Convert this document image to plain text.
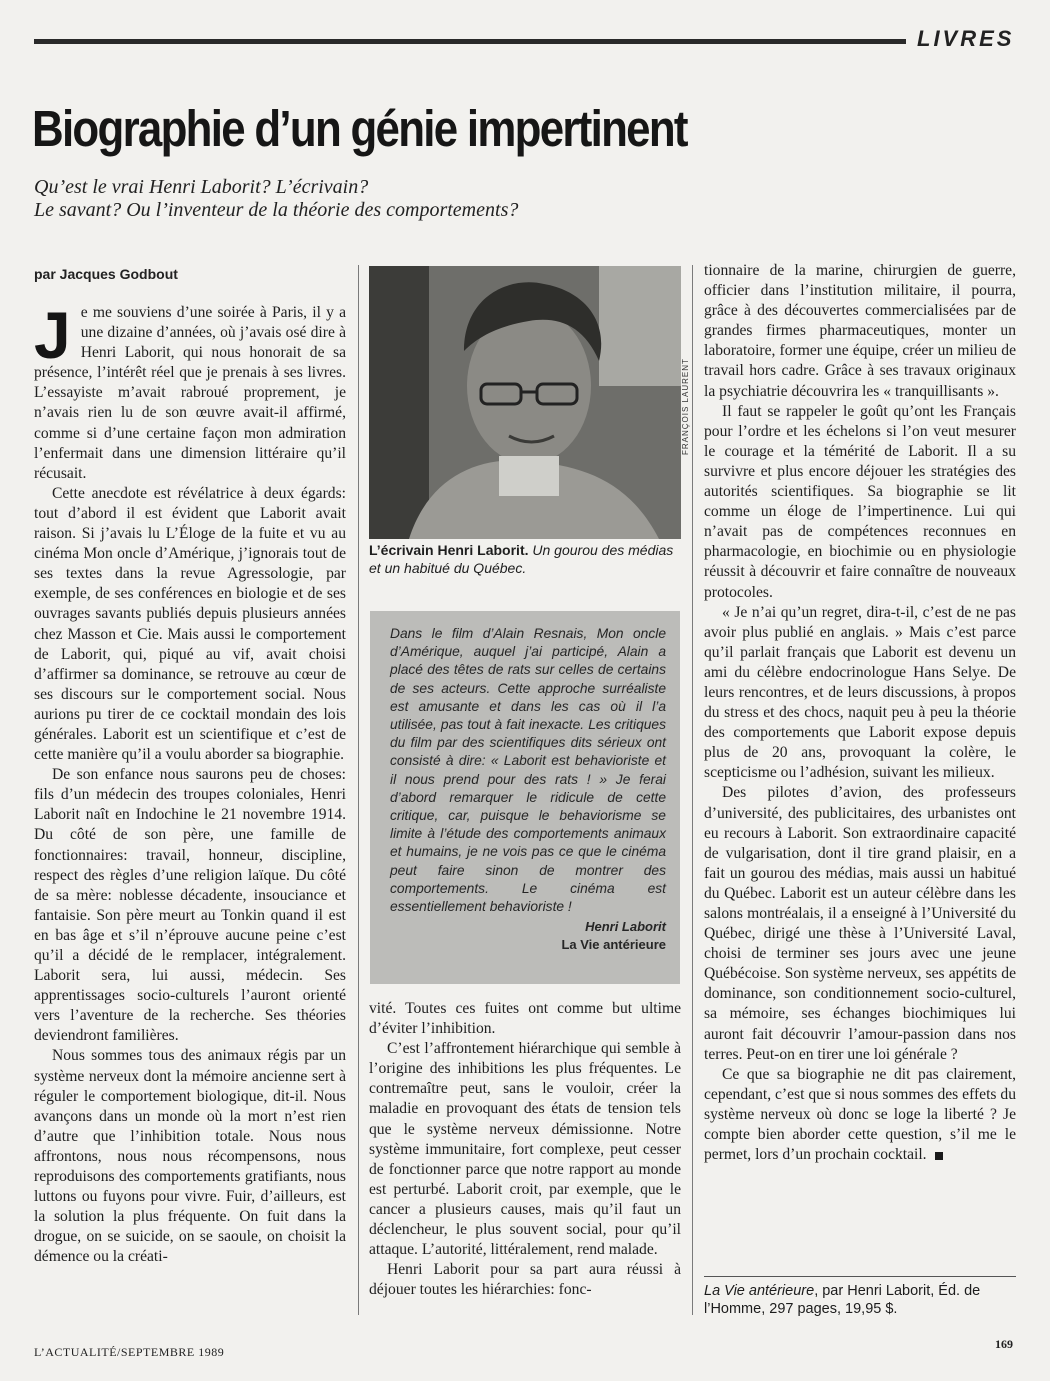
LIVRES
Biographie d’un génie impertinent
Qu’est le vrai Henri Laborit? L’écrivain?
Le savant? Ou l’inventeur de la théorie des comportements?
par Jacques Godbout

Je me souviens d’une soirée à Paris, il y a une dizaine d’années, où j’avais osé dire à Henri Laborit, qui nous honorait de sa présence, l’intérêt réel que je prenais à ses livres. L’essayiste m’avait rabroué proprement, je n’avais rien lu de son œuvre avait-il affirmé, comme si d’une certaine façon mon admiration l’enfermait dans une dimension littéraire qu’il récusait.

Cette anecdote est révélatrice à deux égards: tout d’abord il est évident que Laborit avait raison. Si j’avais lu L’Éloge de la fuite et vu au cinéma Mon oncle d’Amérique, j’ignorais tout de ses textes dans la revue Agressologie, par exemple, de ses conférences en biologie et de ses ouvrages savants publiés depuis plusieurs années chez Masson et Cie. Mais aussi le comportement de Laborit, qui, piqué au vif, avait choisi d’affirmer sa dominance, se retrouve au cœur de ses discours sur le comportement social. Nous aurions pu tirer de ce cocktail mondain des lois générales. Laborit est un scientifique et c’est de cette manière qu’il a voulu aborder sa biographie.

De son enfance nous saurons peu de choses: fils d’un médecin des troupes coloniales, Henri Laborit naît en Indochine le 21 novembre 1914. Du côté de son père, une famille de fonctionnaires: travail, honneur, discipline, respect des règles d’une religion laïque. Du côté de sa mère: noblesse décadente, insouciance et fantaisie. Son père meurt au Tonkin quand il est en bas âge et s’il n’éprouve aucune peine c’est qu’il a décidé de le remplacer, intégralement. Laborit sera, lui aussi, médecin. Ses apprentissages socio-culturels l’auront orienté vers l’aventure de la recherche. Ses théories deviendront familières.

Nous sommes tous des animaux régis par un système nerveux dont la mémoire ancienne sert à réguler le comportement biologique, dit-il. Nous avançons dans un monde où la mort n’est rien d’autre que l’inhibition totale. Nous nous affrontons, nous nous récompensons, nous reproduisons des comportements gratifiants, nous luttons ou fuyons pour vivre. Fuir, d’ailleurs, est la solution la plus fréquente. On fuit dans la drogue, on se suicide, on se saoule, on choisit la démence ou la créati-

FRANÇOIS LAURENT
L’écrivain Henri Laborit. Un gourou des médias et un habitué du Québec.
Dans le film d’Alain Resnais, Mon oncle d’Amérique, auquel j’ai participé, Alain a placé des têtes de rats sur celles de certains de ses acteurs. Cette approche surréaliste est amusante et dans les cas où il l’a utilisée, pas tout à fait inexacte. Les critiques du film par des scientifiques dits sérieux ont consisté à dire: « Laborit est behavioriste et il nous prend pour des rats ! » Je ferai d’abord remarquer le ridicule de cette critique, car, puisque le behaviorisme se limite à l’étude des comportements animaux et humains, je ne vois pas ce que le cinéma peut faire sinon de montrer des comportements. Le cinéma est essentiellement behavioriste !
Henri Laborit
La Vie antérieure

vité. Toutes ces fuites ont comme but ultime d’éviter l’inhibition.

C’est l’affrontement hiérarchique qui semble à l’origine des inhibitions les plus fréquentes. Le contremaître peut, sans le vouloir, créer la maladie en provoquant des états de tension tels que le système nerveux démissionne. Notre système immunitaire, fort complexe, peut cesser de fonctionner parce que notre rapport au monde est perturbé. Laborit croit, par exemple, que le cancer a plusieurs causes, mais qu’il faut un déclencheur, le plus souvent social, pour qu’il attaque. L’autorité, littéralement, rend malade.

Henri Laborit pour sa part aura réussi à déjouer toutes les hiérarchies: fonc-

tionnaire de la marine, chirurgien de guerre, officier dans l’institution militaire, il pourra, grâce à des découvertes commercialisées par de grandes firmes pharmaceutiques, monter un laboratoire, former une équipe, créer un milieu de travail hors cadre. Grâce à ses travaux originaux la psychiatrie découvrira les « tranquillisants ».

Il faut se rappeler le goût qu’ont les Français pour l’ordre et les échelons si l’on veut mesurer le courage et la témérité de Laborit. Il a su survivre et plus encore déjouer les stratégies des autorités scientifiques. Sa biographie se lit comme un éloge de l’impertinence. Lui qui n’avait pas de compétences reconnues en pharmacologie, en biochimie ou en physiologie réussit à découvrir et faire connaître de nouveaux protocoles.

« Je n’ai qu’un regret, dira-t-il, c’est de ne pas avoir plus publié en anglais. » Mais c’est parce qu’il parlait français que Laborit est devenu un ami du célèbre endocrinologue Hans Selye. De leurs rencontres, et de leurs discussions, à propos du stress et des chocs, naquit peu à peu la théorie des comportements que Laborit expose depuis plus de 20 ans, provoquant la colère, le scepticisme ou l’adhésion, suivant les milieux.

Des pilotes d’avion, des professeurs d’université, des publicitaires, des urbanistes ont eu recours à Laborit. Son extraordinaire capacité de vulgarisation, dont il tire grand plaisir, en a fait un gourou des médias, mais aussi un habitué du Québec. Laborit est un auteur célèbre dans les salons montréalais, il a enseigné à l’Université du Québec, dirigé une thèse à l’Université Laval, choisi de terminer ses jours avec une jeune Québécoise. Son système nerveux, ses appétits de dominance, son conditionnement socio-culturel, sa mémoire, ses échanges biochimiques lui auront fait découvrir l’amour-passion dans nos terres. Peut-on en tirer une loi générale ?

Ce que sa biographie ne dit pas clairement, cependant, c’est que si nous sommes des effets du système nerveux où donc se loge la liberté ? Je compte bien aborder cette question, s’il me le permet, lors d’un prochain cocktail.

La Vie antérieure, par Henri Laborit, Éd. de l’Homme, 297 pages, 19,95 $.
L’ACTUALITÉ/SEPTEMBRE 1989
169
